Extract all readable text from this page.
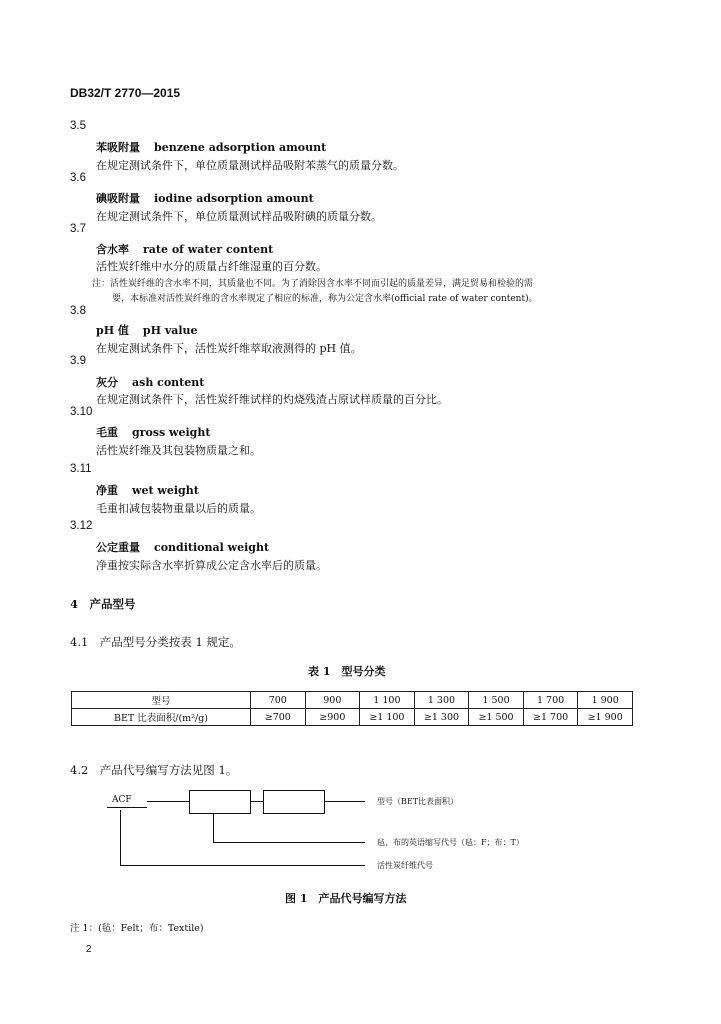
DB32/T 2770—2015
3.5
苯吸附量 benzene adsorption amount
在规定测试条件下，单位质量测试样品吸附苯蒸气的质量分数。
3.6
碘吸附量 iodine adsorption amount
在规定测试条件下，单位质量测试样品吸附碘的质量分数。
3.7
含水率 rate of water content
活性炭纤维中水分的质量占纤维湿重的百分数。
注：活性炭纤维的含水率不同，其质量也不同。为了消除因含水率不同而引起的质量差异，满足贸易和检验的需
要，本标准对活性炭纤维的含水率规定了相应的标准，称为公定含水率(official rate of water content)。
3.8
pH 值 pH value
在规定测试条件下，活性炭纤维萃取液测得的 pH 值。
3.9
灰分 ash content
在规定测试条件下，活性炭纤维试样的灼烧残渣占原试样质量的百分比。
3.10
毛重 gross weight
活性炭纤维及其包装物质量之和。
3.11
净重 wet weight
毛重扣减包装物重量以后的质量。
3.12
公定重量 conditional weight
净重按实际含水率折算成公定含水率后的质量。
4　产品型号
4.1　产品型号分类按表 1 规定。
表 1　型号分类
型号	700	900	1 100	1 300	1 500	1 700	1 900
BET 比表面积/(m²/g)	≥700	≥900	≥1 100	≥1 300	≥1 500	≥1 700	≥1 900
4.2　产品代号编写方法见图 1。
ACF	型号（BET比表面积）
毡、布的英语缩写代号（毡：F；布：T）
活性炭纤维代号
图 1　产品代号编写方法
注 1：(毡：Felt；布：Textile)
2
